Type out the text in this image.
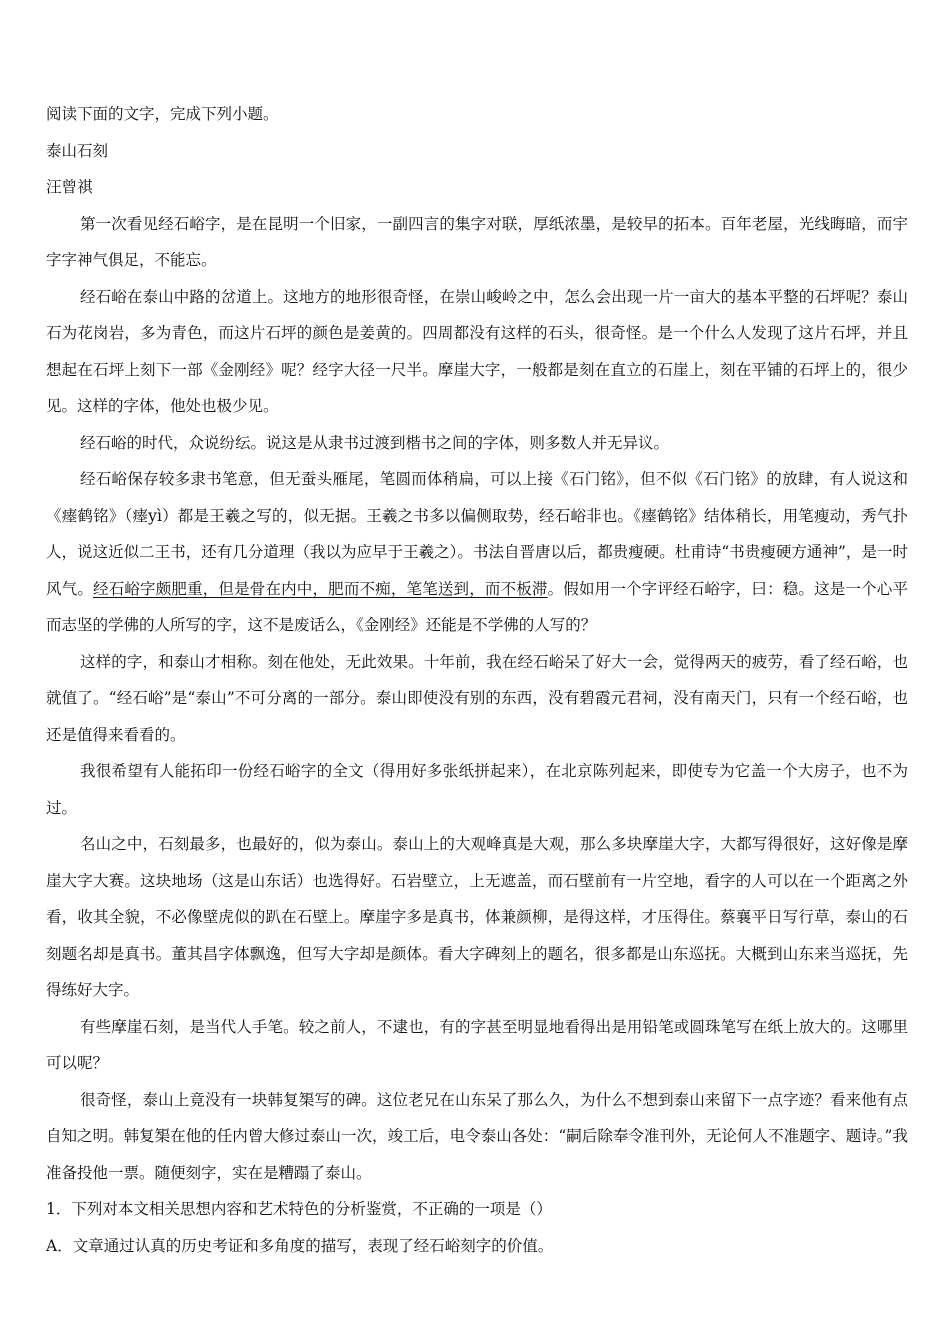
阅读下面的文字，完成下列小题。

泰山石刻

汪曾祺

第一次看见经石峪字，是在昆明一个旧家，一副四言的集字对联，厚纸浓墨，是较早的拓本。百年老屋，光线晦暗，而宇字字神气俱足，不能忘。

经石峪在泰山中路的岔道上。这地方的地形很奇怪，在崇山峻岭之中，怎么会出现一片一亩大的基本平整的石坪呢？泰山石为花岗岩，多为青色，而这片石坪的颜色是姜黄的。四周都没有这样的石头，很奇怪。是一个什么人发现了这片石坪，并且想起在石坪上刻下一部《金刚经》呢？经字大径一尺半。摩崖大字，一般都是刻在直立的石崖上，刻在平铺的石坪上的，很少见。这样的字体，他处也极少见。

经石峪的时代，众说纷纭。说这是从隶书过渡到楷书之间的字体，则多数人并无异议。

经石峪保存较多隶书笔意，但无蚕头雁尾，笔圆而体稍扁，可以上接《石门铭》，但不似《石门铭》的放肆，有人说这和《瘗鹤铭》（瘗yì）都是王羲之写的，似无据。王羲之书多以偏侧取势，经石峪非也。《瘗鹤铭》结体稍长，用笔瘦动，秀气扑人，说这近似二王书，还有几分道理（我以为应早于王羲之）。书法自晋唐以后，都贵瘦硬。杜甫诗“书贵瘦硬方通神”，是一时风气。经石峪字颇肥重，但是骨在内中，肥而不痴，笔笔送到，而不板滞。假如用一个字评经石峪字，曰：稳。这是一个心平而志坚的学佛的人所写的字，这不是废话么，《金刚经》还能是不学佛的人写的？

这样的字，和泰山才相称。刻在他处，无此效果。十年前，我在经石峪呆了好大一会，觉得两天的疲劳，看了经石峪，也就值了。“经石峪”是“泰山”不可分离的一部分。泰山即使没有别的东西，没有碧霞元君祠，没有南天门，只有一个经石峪，也还是值得来看看的。

我很希望有人能拓印一份经石峪字的全文（得用好多张纸拼起来），在北京陈列起来，即使专为它盖一个大房子，也不为过。

名山之中，石刻最多，也最好的，似为泰山。泰山上的大观峰真是大观，那么多块摩崖大字，大都写得很好，这好像是摩崖大字大赛。这块地场（这是山东话）也选得好。石岩壁立，上无遮盖，而石壁前有一片空地，看字的人可以在一个距离之外看，收其全貌，不必像壁虎似的趴在石壁上。摩崖字多是真书，体兼颜柳，是得这样，才压得住。蔡襄平日写行草，泰山的石刻题名却是真书。董其昌字体飘逸，但写大字却是颜体。看大字碑刻上的题名，很多都是山东巡抚。大概到山东来当巡抚，先得练好大字。

有些摩崖石刻，是当代人手笔。较之前人，不逮也，有的字甚至明显地看得出是用铅笔或圆珠笔写在纸上放大的。这哪里可以呢？

很奇怪，泰山上竟没有一块韩复榘写的碑。这位老兄在山东呆了那么久，为什么不想到泰山来留下一点字迹？看来他有点自知之明。韩复榘在他的任内曾大修过泰山一次，竣工后，电令泰山各处：“嗣后除奉令准刊外，无论何人不准题字、题诗。”我准备投他一票。随便刻字，实在是糟蹋了泰山。

1．下列对本文相关思想内容和艺术特色的分析鉴赏，不正确的一项是（）

A．文章通过认真的历史考证和多角度的描写，表现了经石峪刻字的价值。
